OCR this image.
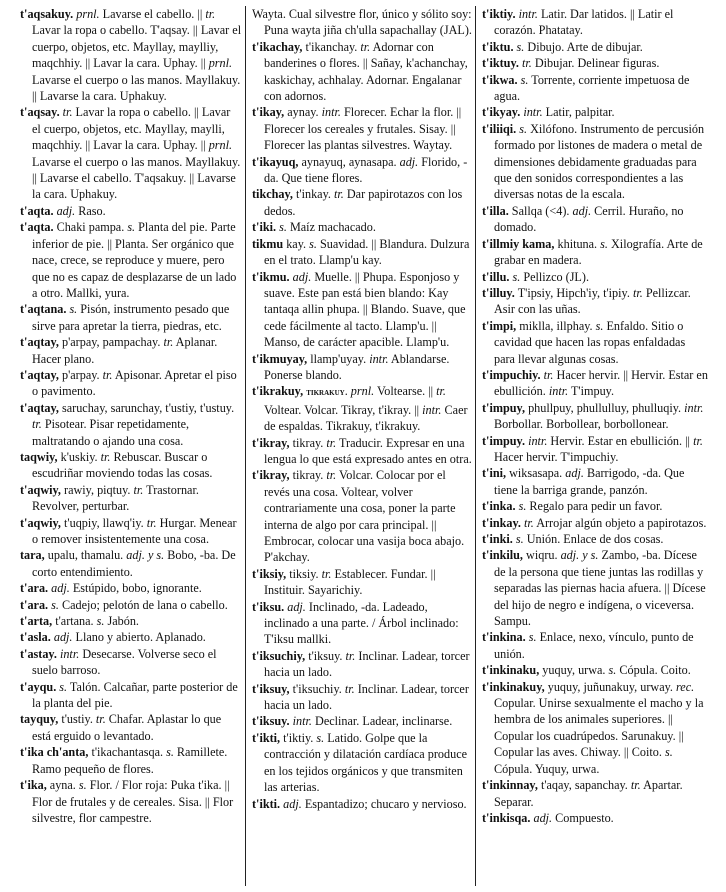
t'aqsakuy. prnl. Lavarse el cabello. || tr. Lavar la ropa o cabello. T'aqsay. || Lavar el cuerpo, objetos, etc. Mayllay, maylliy, maqchhiy. || Lavar la cara. Uphay. || prnl. Lavarse el cuerpo o las manos. Mayllakuy. || Lavarse la cara. Uphakuy.

t'aqsay. tr. Lavar la ropa o cabello. || Lavar el cuerpo, objetos, etc. Mayllay, maylli, maqchhiy. || Lavar la cara. Uphay. || prnl. Lavarse el cuerpo o las manos. Mayllakuy. || Lavarse el cabello. T'aqsakuy. || Lavarse la cara. Uphakuy.

t'aqta. adj. Raso.

t'aqta. Chaki pampa. s. Planta del pie. Parte inferior de pie. || Planta. Ser orgánico que nace, crece, se reproduce y muere, pero que no es capaz de desplazarse de un lado a otro. Mallki, yura.

t'aqtana. s. Pisón, instrumento pesado que sirve para apretar la tierra, piedras, etc.

t'aqtay, p'arpay, pampachay. tr. Aplanar. Hacer plano.

t'aqtay, p'arpay. tr. Apisonar. Apretar el piso o pavimento.

t'aqtay, saruchay, sarunchay, t'ustiy, t'ustuy. tr. Pisotear. Pisar repetidamente, maltratando o ajando una cosa.

taqwiy, k'uskiy. tr. Rebuscar. Buscar o escudriñar moviendo todas las cosas.

t'aqwiy, rawiy, piqtuy. tr. Trastornar. Revolver, perturbar.

t'aqwiy, t'uqpiy, llawq'iy. tr. Hurgar. Menear o remover insistentemente una cosa.

tara, upalu, thamalu. adj. y s. Bobo, -ba. De corto entendimiento.

t'ara. adj. Estúpido, bobo, ignorante.

t'ara. s. Cadejo; pelotón de lana o cabello.

t'arta, t'artana. s. Jabón.

t'asla. adj. Llano y abierto. Aplanado.

t'astay. intr. Desecarse. Volverse seco el suelo barroso.

t'ayqu. s. Talón. Calcañar, parte posterior de la planta del pie.

tayquy, t'ustiy. tr. Chafar. Aplastar lo que está erguido o levantado.

t'ika ch'anta, t'ikachantasqa. s. Ramillete. Ramo pequeño de flores.

t'ika, ayna. s. Flor. / Flor roja: Puka t'ika. || Flor de frutales y de cereales. Sisa. || Flor silvestre, flor campestre.

Wayta. Cual silvestre flor, único y sólito soy: Puna wayta jiña ch'ulla sapachallay (JAL).

t'ikachay, t'ikanchay. tr. Adornar con banderines o flores. || Sañay, k'achanchay, kaskichay, achhalay. Adornar. Engalanar con adornos.

t'ikay, aynay. intr. Florecer. Echar la flor. || Florecer los cereales y frutales. Sisay. || Florecer las plantas silvestres. Waytay.

t'ikayuq, aynayuq, aynasapa. adj. Florido, -da. Que tiene flores.

tikchay, t'inkay. tr. Dar papirotazos con los dedos.

t'iki. s. Maíz machacado.

tikmu kay. s. Suavidad. || Blandura. Dulzura en el trato. Llamp'u kay.

t'ikmu. adj. Muelle. || Phupa. Esponjoso y suave. Este pan está bien blando: Kay tantaqa allin phupa. || Blando. Suave, que cede fácilmente al tacto. Llamp'u. || Manso, de carácter apacible. Llamp'u.

t'ikmuyay, llamp'uyay. intr. Ablandarse. Ponerse blando.

t'ikrakuy, tikrakuy. prnl. Voltearse. || tr. Voltear. Volcar. Tikray, t'ikray. || intr. Caer de espaldas. Tikrakuy, t'ikrakuy.

t'ikray, tikray. tr. Traducir. Expresar en una lengua lo que está expresado antes en otra.

t'ikray, tikray. tr. Volcar. Colocar por el revés una cosa. Voltear, volver contrariamente una cosa, poner la parte interna de algo por cara principal. || Embrocar, colocar una vasija boca abajo. P'akchay.

t'iksiy, tiksiy. tr. Establecer. Fundar. || Instituir. Sayarichiy.

t'iksu. adj. Inclinado, -da. Ladeado, inclinado a una parte. / Árbol inclinado: T'iksu mallki.

t'iksuchiy, t'iksuy. tr. Inclinar. Ladear, torcer hacia un lado.

t'iksuy, t'iksuchiy. tr. Inclinar. Ladear, torcer hacia un lado.

t'iksuy. intr. Declinar. Ladear, inclinarse.

t'ikti, t'iktiy. s. Latido. Golpe que la contracción y dilatación cardíaca produce en los tejidos orgánicos y que transmiten las arterias.

t'ikti. adj. Espantadizo; chucaro y nervioso.

t'iktiy. intr. Latir. Dar latidos. || Latir el corazón. Phatatay.

t'iktu. s. Dibujo. Arte de dibujar.

t'iktuy. tr. Dibujar. Delinear figuras.

t'ikwa. s. Torrente, corriente impetuosa de agua.

t'ikyay. intr. Latir, palpitar.

t'iliiqi. s. Xilófono. Instrumento de percusión formado por listones de madera o metal de dimensiones debidamente graduadas para que den sonidos correspondientes a las diversas notas de la escala.

t'illa. Sallqa (<4). adj. Cerril. Huraño, no domado.

t'illmiy kama, khituna. s. Xilografía. Arte de grabar en madera.

t'illu. s. Pellizco (JL).

t'illuy. T'ipsiy, Hipch'iy, t'ipiy. tr. Pellizcar. Asir con las uñas.

t'impi, miklla, illphay. s. Enfaldo. Sitio o cavidad que hacen las ropas enfaldadas para llevar algunas cosas.

t'impuchiy. tr. Hacer hervir. || Hervir. Estar en ebullición. intr. T'impuy.

t'impuy, phullpuy, phullulluy, phulluqiy. intr. Borbollar. Borbollear, borbollonear.

t'impuy. intr. Hervir. Estar en ebullición. || tr. Hacer hervir. T'impuchiy.

t'ini, wiksasapa. adj. Barrigodo, -da. Que tiene la barriga grande, panzón.

t'inka. s. Regalo para pedir un favor.

t'inkay. tr. Arrojar algún objeto a papirotazos.

t'inki. s. Unión. Enlace de dos cosas.

t'inkilu, wiqru. adj. y s. Zambo, -ba. Dícese de la persona que tiene juntas las rodillas y separadas las piernas hacia afuera. || Dícese del hijo de negro e indígena, o viceversa. Sampu.

t'inkina. s. Enlace, nexo, vínculo, punto de unión.

t'inkinaku, yuquy, urwa. s. Cópula. Coito.

t'inkinakuy, yuquy, juñunakuy, urway. rec. Copular. Unirse sexualmente el macho y la hembra de los animales superiores. || Copular los cuadrúpedos. Sarunakuy. || Copular las aves. Chiway. || Coito. s. Cópula. Yuquy, urwa.

t'inkinnay, t'aqay, sapanchay. tr. Apartar. Separar.

t'inkisqa. adj. Compuesto.
